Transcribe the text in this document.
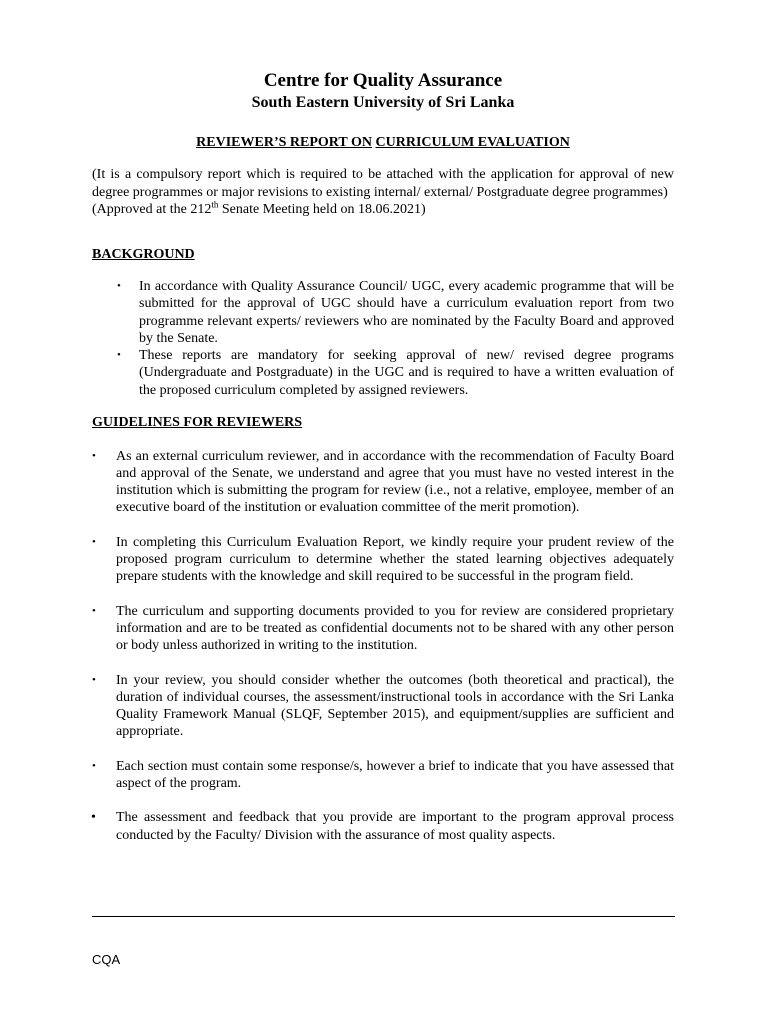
Centre for Quality Assurance
South Eastern University of Sri Lanka

REVIEWER’S REPORT ON CURRICULUM EVALUATION

(It is a compulsory report which is required to be attached with the application for approval of new degree programmes or major revisions to existing internal/ external/ Postgraduate degree programmes)

(Approved at the 212th Senate Meeting held on 18.06.2021)

BACKGROUND

• In accordance with Quality Assurance Council/ UGC, every academic programme that will be submitted for the approval of UGC should have a curriculum evaluation report from two programme relevant experts/ reviewers who are nominated by the Faculty Board and approved by the Senate.
• These reports are mandatory for seeking approval of new/ revised degree programs (Undergraduate and Postgraduate) in the UGC and is required to have a written evaluation of the proposed curriculum completed by assigned reviewers.

GUIDELINES FOR REVIEWERS

• As an external curriculum reviewer, and in accordance with the recommendation of Faculty Board and approval of the Senate, we understand and agree that you must have no vested interest in the institution which is submitting the program for review (i.e., not a relative, employee, member of an executive board of the institution or evaluation committee of the merit promotion).
• In completing this Curriculum Evaluation Report, we kindly require your prudent review of the proposed program curriculum to determine whether the stated learning objectives adequately prepare students with the knowledge and skill required to be successful in the program field.
• The curriculum and supporting documents provided to you for review are considered proprietary information and are to be treated as confidential documents not to be shared with any other person or body unless authorized in writing to the institution.
• In your review, you should consider whether the outcomes (both theoretical and practical), the duration of individual courses, the assessment/instructional tools in accordance with the Sri Lanka Quality Framework Manual (SLQF, September 2015), and equipment/supplies are sufficient and appropriate.
• Each section must contain some response/s, however a brief to indicate that you have assessed that aspect of the program.
• The assessment and feedback that you provide are important to the program approval process conducted by the Faculty/ Division with the assurance of most quality aspects.
CQA
